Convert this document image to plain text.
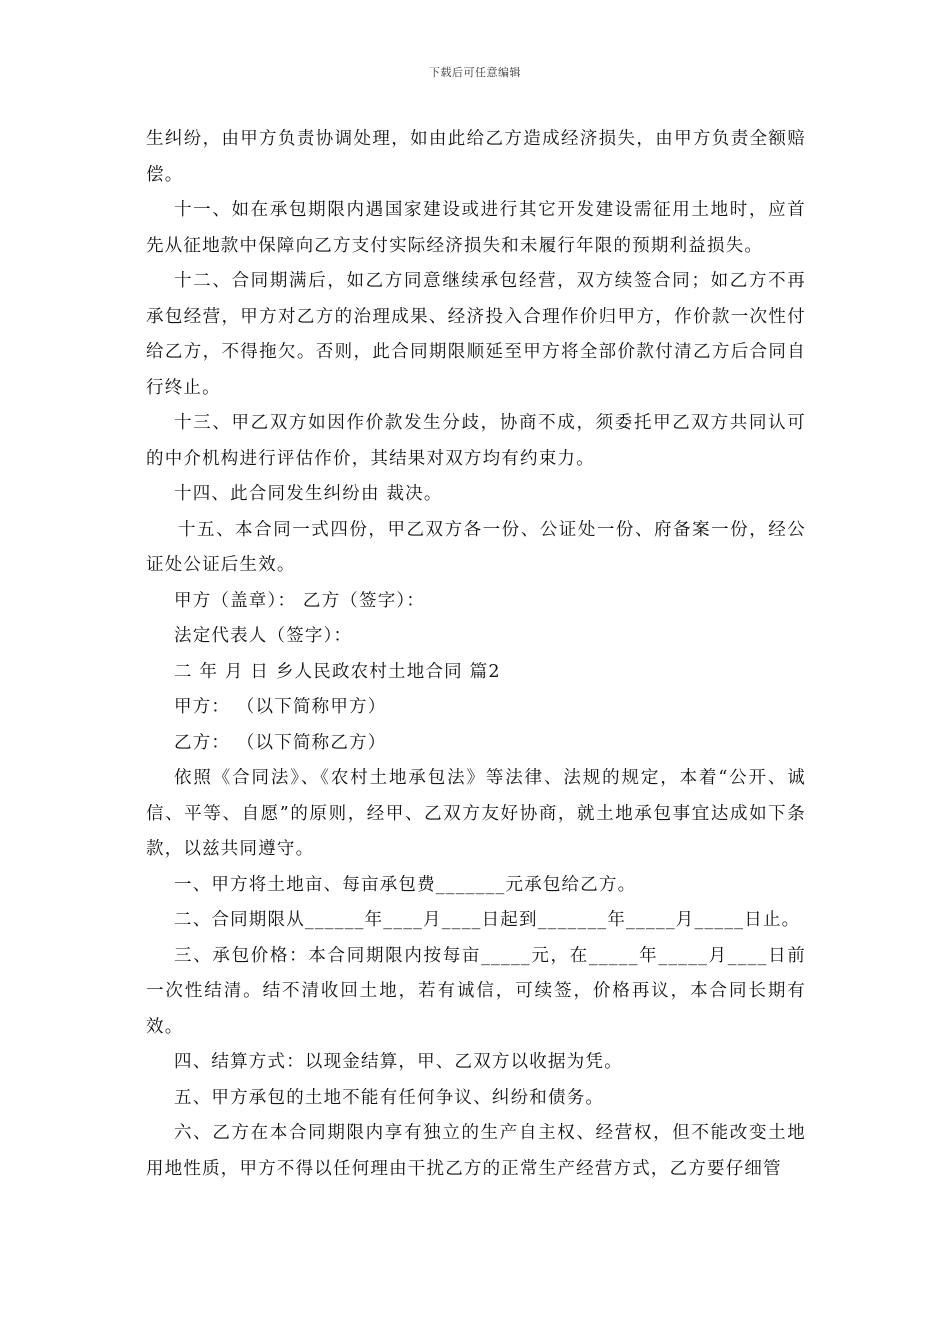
下载后可任意编辑

生纠纷，由甲方负责协调处理，如由此给乙方造成经济损失，由甲方负责全额赔偿。

十一、如在承包期限内遇国家建设或进行其它开发建设需征用土地时，应首先从征地款中保障向乙方支付实际经济损失和未履行年限的预期利益损失。

十二、合同期满后，如乙方同意继续承包经营，双方续签合同；如乙方不再承包经营，甲方对乙方的治理成果、经济投入合理作价归甲方，作价款一次性付给乙方，不得拖欠。否则，此合同期限顺延至甲方将全部价款付清乙方后合同自行终止。

十三、甲乙双方如因作价款发生分歧，协商不成，须委托甲乙双方共同认可的中介机构进行评估作价，其结果对双方均有约束力。

十四、此合同发生纠纷由 裁决。

十五、本合同一式四份，甲乙双方各一份、公证处一份、府备案一份，经公证处公证后生效。

甲方（盖章）： 乙方（签字）：

法定代表人（签字）：

二 年 月 日 乡人民政农村土地合同 篇2

甲方： （以下简称甲方）

乙方： （以下简称乙方）

依照《合同法》、《农村土地承包法》等法律、法规的规定，本着“公开、诚信、平等、自愿”的原则，经甲、乙双方友好协商，就土地承包事宜达成如下条款，以兹共同遵守。

一、甲方将土地亩、每亩承包费_______元承包给乙方。

二、合同期限从______年____月____日起到_______年_____月_____日止。

三、承包价格：本合同期限内按每亩_____元，在_____年_____月____日前一次性结清。结不清收回土地，若有诚信，可续签，价格再议，本合同长期有效。

四、结算方式：以现金结算，甲、乙双方以收据为凭。

五、甲方承包的土地不能有任何争议、纠纷和债务。

六、乙方在本合同期限内享有独立的生产自主权、经营权，但不能改变土地用地性质，甲方不得以任何理由干扰乙方的正常生产经营方式，乙方要仔细管
